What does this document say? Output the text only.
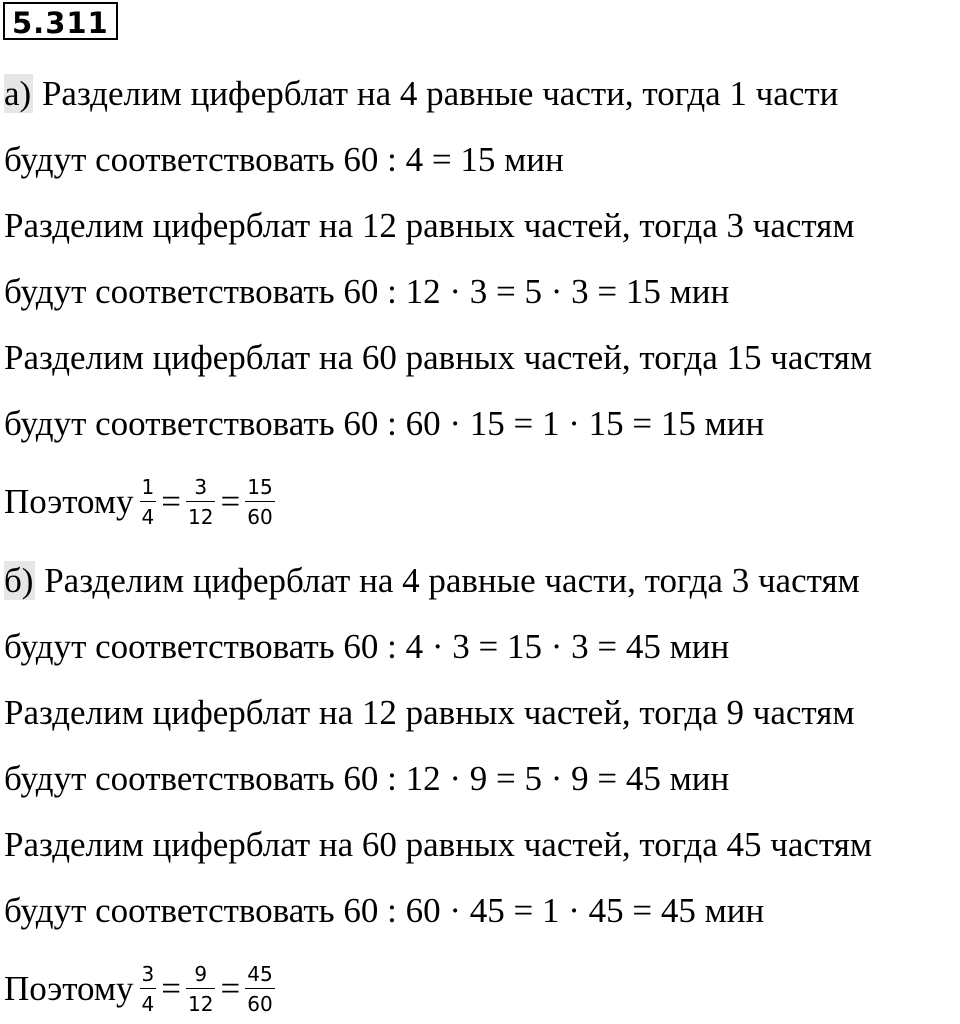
5.311
а) Разделим циферблат на 4 равные части, тогда 1 части
будут соответствовать 60 : 4 = 15 мин
Разделим циферблат на 12 равных частей, тогда 3 частям
будут соответствовать 60 : 12 · 3 = 5 · 3 = 15 мин
Разделим циферблат на 60 равных частей, тогда 15 частям
будут соответствовать 60 : 60 · 15 = 1 · 15 = 15 мин
Поэтому $\frac{1}{4} = \frac{3}{12} = \frac{15}{60}$
б) Разделим циферблат на 4 равные части, тогда 3 частям
будут соответствовать 60 : 4 · 3 = 15 · 3 = 45 мин
Разделим циферблат на 12 равных частей, тогда 9 частям
будут соответствовать 60 : 12 · 9 = 5 · 9 = 45 мин
Разделим циферблат на 60 равных частей, тогда 45 частям
будут соответствовать 60 : 60 · 45 = 1 · 45 = 45 мин
Поэтому $\frac{3}{4} = \frac{9}{12} = \frac{45}{60}$
